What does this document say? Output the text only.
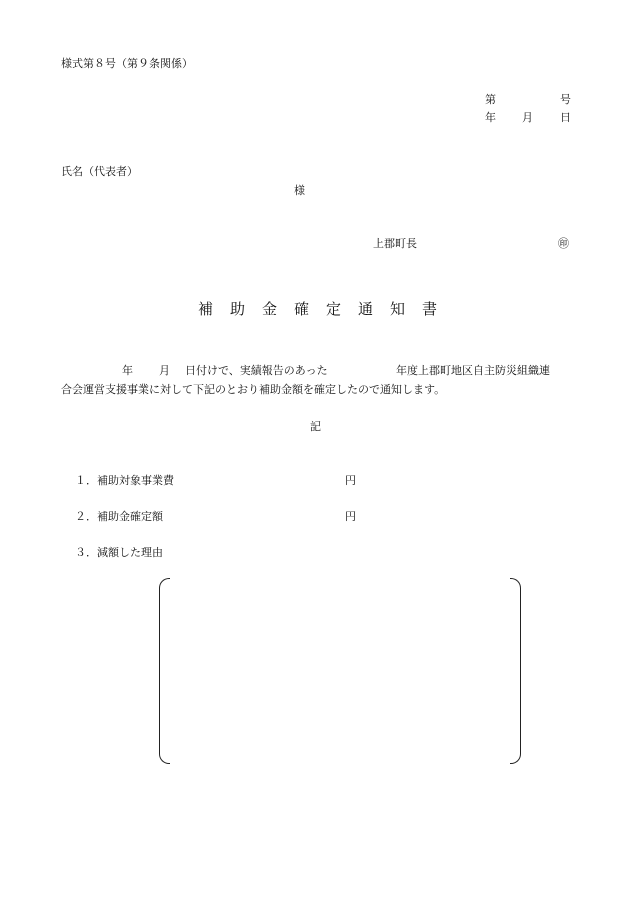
様式第８号（第９条関係）
第	号
年 月 日
氏名（代表者）
様
上郡町長	㊞
補助金確定通知書
年 月 日付けで、実績報告のあった	年度上郡町地区自主防災組織連
合会運営支援事業に対して下記のとおり補助金額を確定したので通知します。
記
１． 補助対象事業費	円
２． 補助金確定額	円
３． 減額した理由
